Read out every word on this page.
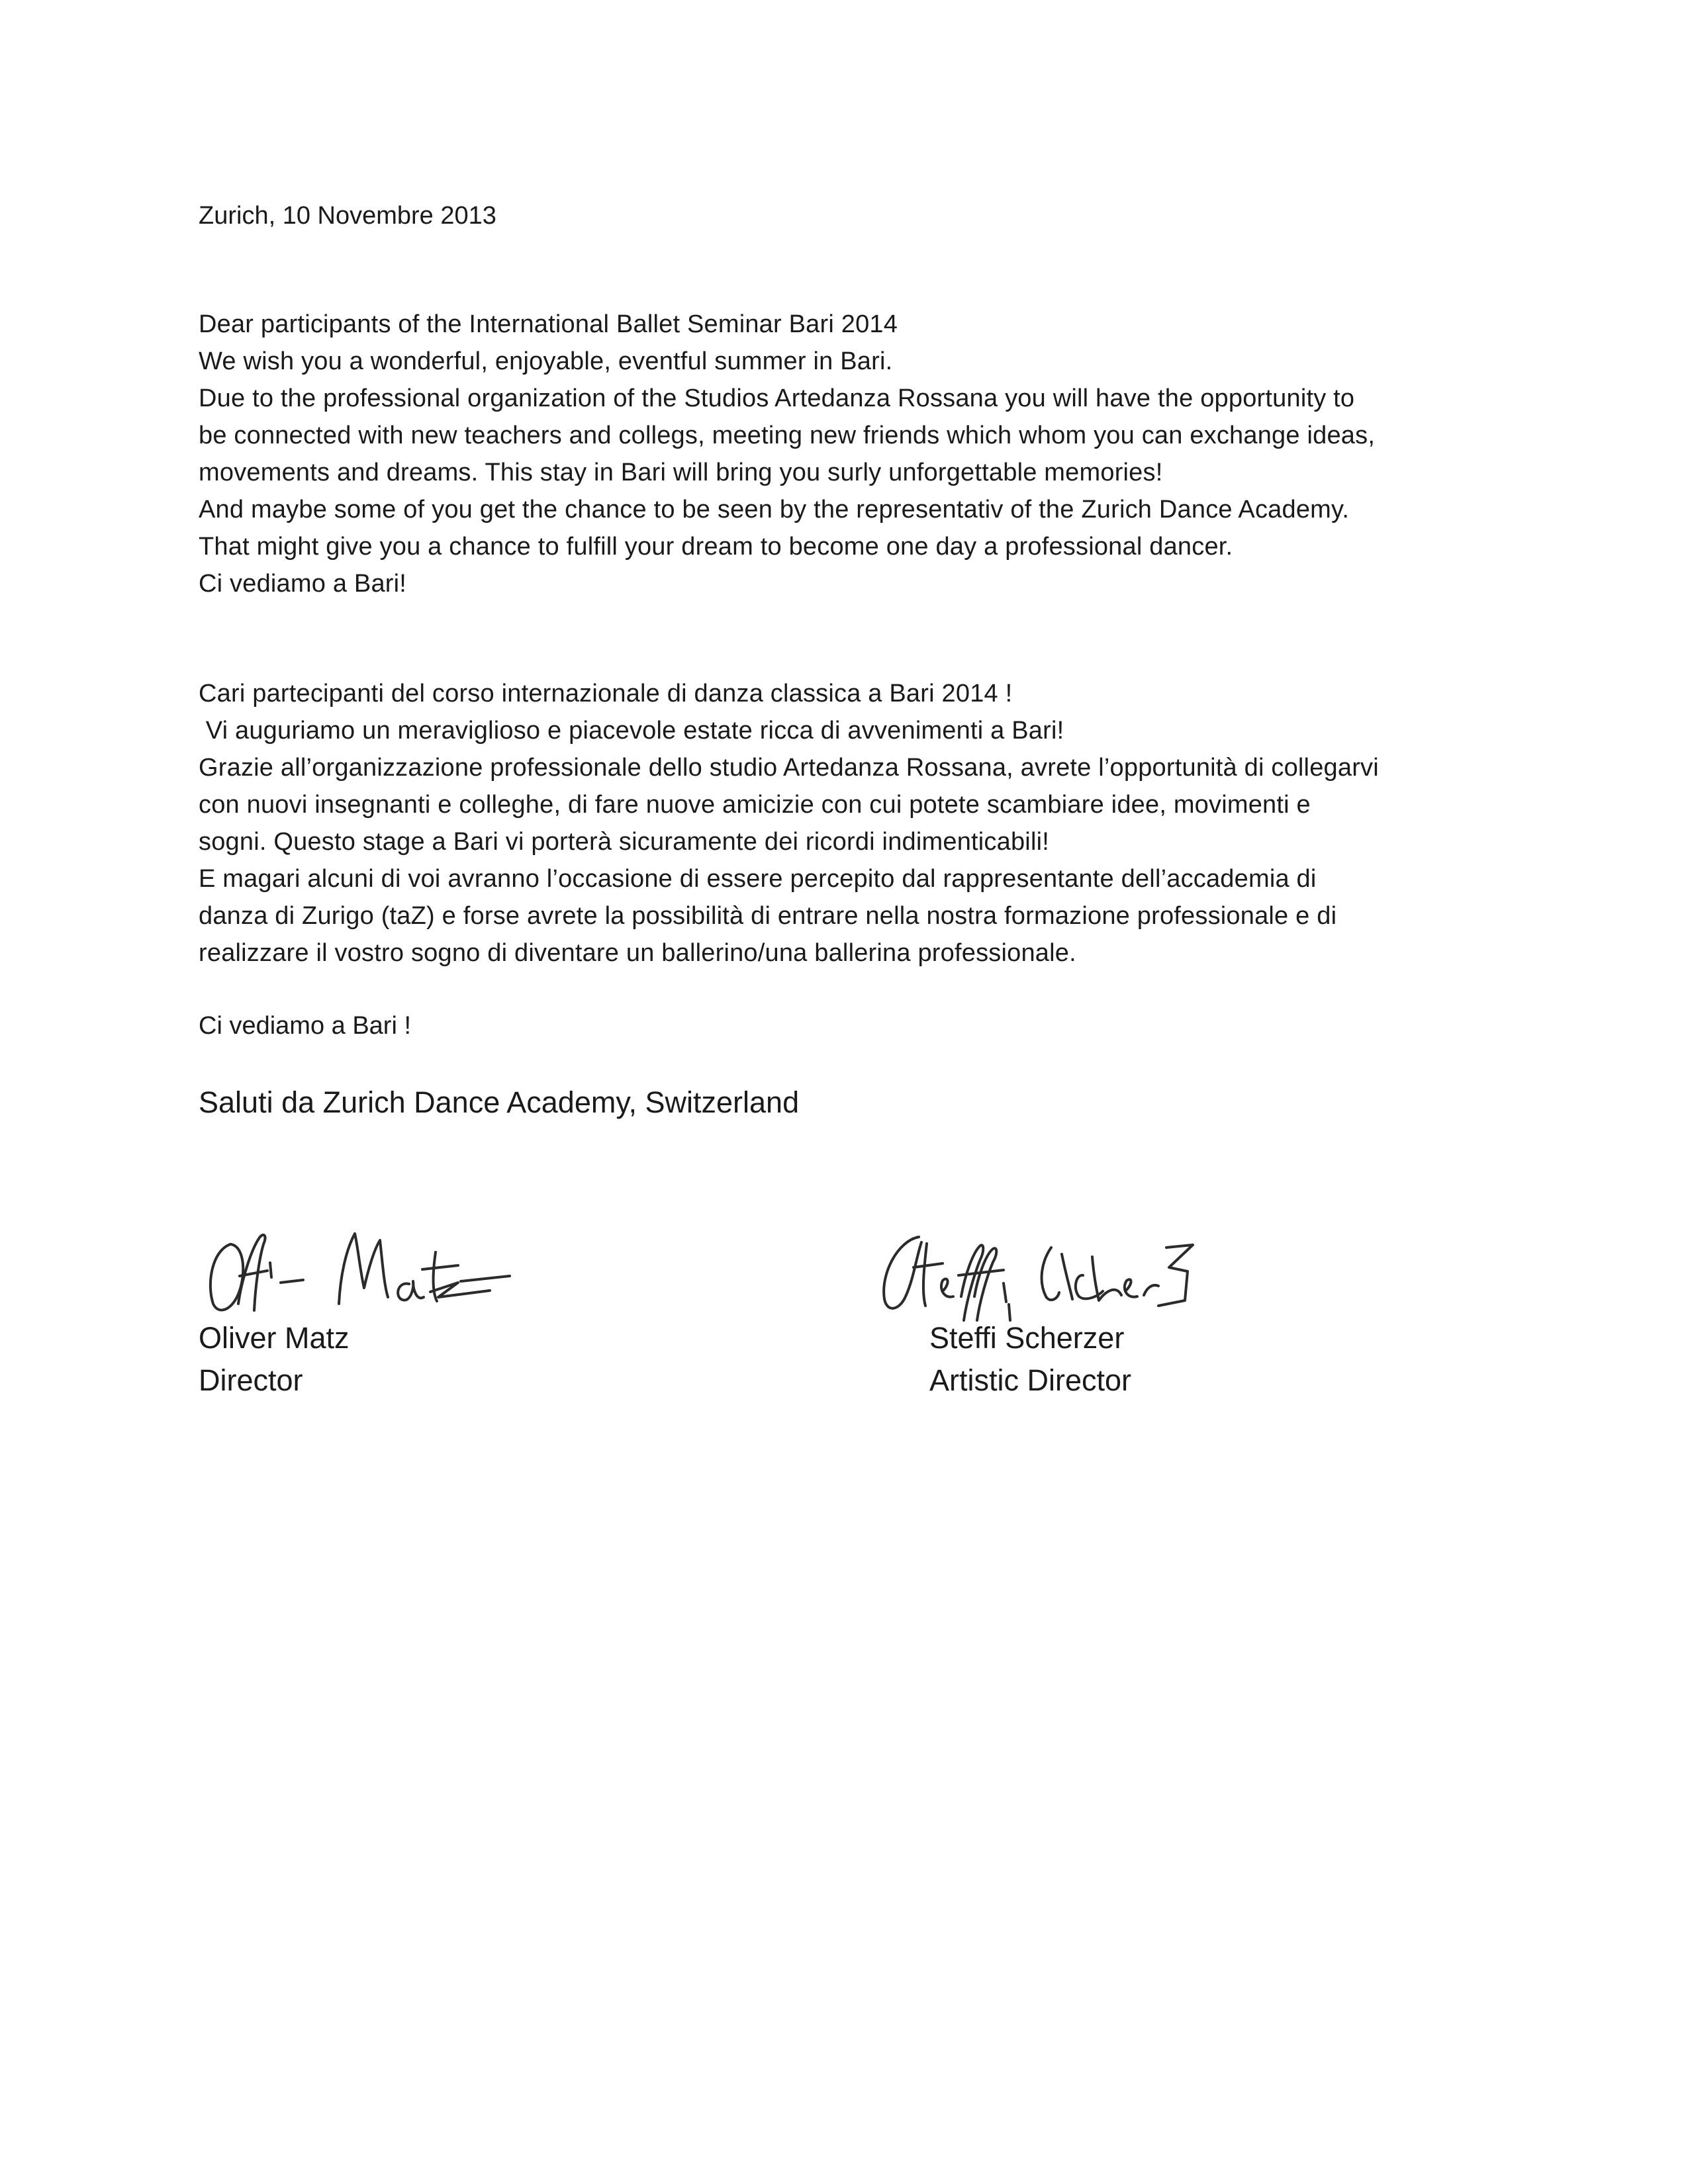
Zurich, 10 Novembre 2013
Dear participants of the International Ballet Seminar Bari 2014
We wish you a wonderful, enjoyable, eventful summer in Bari.
Due to the professional organization of the Studios Artedanza Rossana you will have the opportunity to
be connected with new teachers and collegs, meeting new friends which whom you can exchange ideas,
movements and dreams. This stay in Bari will bring you surly unforgettable memories!
And maybe some of you get the chance to be seen by the representativ of the Zurich Dance Academy.
That might give you a chance to fulfill your dream to become one day a professional dancer.
Ci vediamo a Bari!
Cari partecipanti del corso internazionale di danza classica a Bari 2014 !
Vi auguriamo un meraviglioso e piacevole estate ricca di avvenimenti a Bari!
Grazie all’organizzazione professionale dello studio Artedanza Rossana, avrete l’opportunità di collegarvi
con nuovi insegnanti e colleghe, di fare nuove amicizie con cui potete scambiare idee, movimenti e
sogni. Questo stage a Bari vi porterà sicuramente dei ricordi indimenticabili!
E magari alcuni di voi avranno l’occasione di essere percepito dal rappresentante dell’accademia di
danza di Zurigo (taZ) e forse avrete la possibilità di entrare nella nostra formazione professionale e di
realizzare il vostro sogno di diventare un ballerino/una ballerina professionale.
Ci vediamo a Bari !
Saluti da Zurich Dance Academy, Switzerland
Oliver Matz
Director
Steffi Scherzer
Artistic Director
